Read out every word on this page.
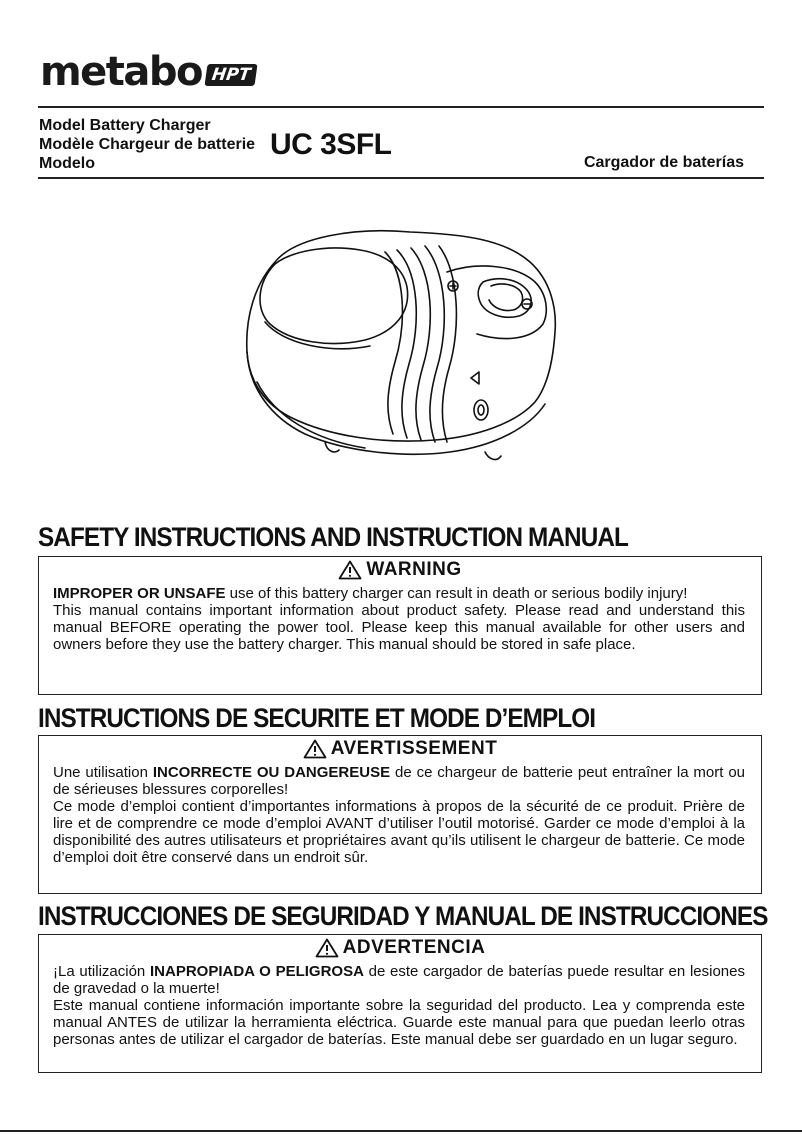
metabo HPT
Model Battery Charger
Modèle Chargeur de batterie
Modelo
UC 3SFL
Cargador de baterías
SAFETY INSTRUCTIONS AND INSTRUCTION MANUAL
WARNING

IMPROPER OR UNSAFE use of this battery charger can result in death or serious bodily injury!

This manual contains important information about product safety. Please read and understand this manual BEFORE operating the power tool. Please keep this manual available for other users and owners before they use the battery charger. This manual should be stored in safe place.

INSTRUCTIONS DE SECURITE ET MODE D’EMPLOI
AVERTISSEMENT

Une utilisation INCORRECTE OU DANGEREUSE de ce chargeur de batterie peut entraîner la mort ou de sérieuses blessures corporelles!

Ce mode d’emploi contient d’importantes informations à propos de la sécurité de ce produit. Prière de lire et de comprendre ce mode d’emploi AVANT d’utiliser l’outil motorisé. Garder ce mode d’emploi à la disponibilité des autres utilisateurs et propriétaires avant qu’ils utilisent le chargeur de batterie. Ce mode d’emploi doit être conservé dans un endroit sûr.

INSTRUCCIONES DE SEGURIDAD Y MANUAL DE INSTRUCCIONES
ADVERTENCIA

¡La utilización INAPROPIADA O PELIGROSA de este cargador de baterías puede resultar en lesiones de gravedad o la muerte!

Este manual contiene información importante sobre la seguridad del producto. Lea y comprenda este manual ANTES de utilizar la herramienta eléctrica. Guarde este manual para que puedan leerlo otras personas antes de utilizar el cargador de baterías. Este manual debe ser guardado en un lugar seguro.
